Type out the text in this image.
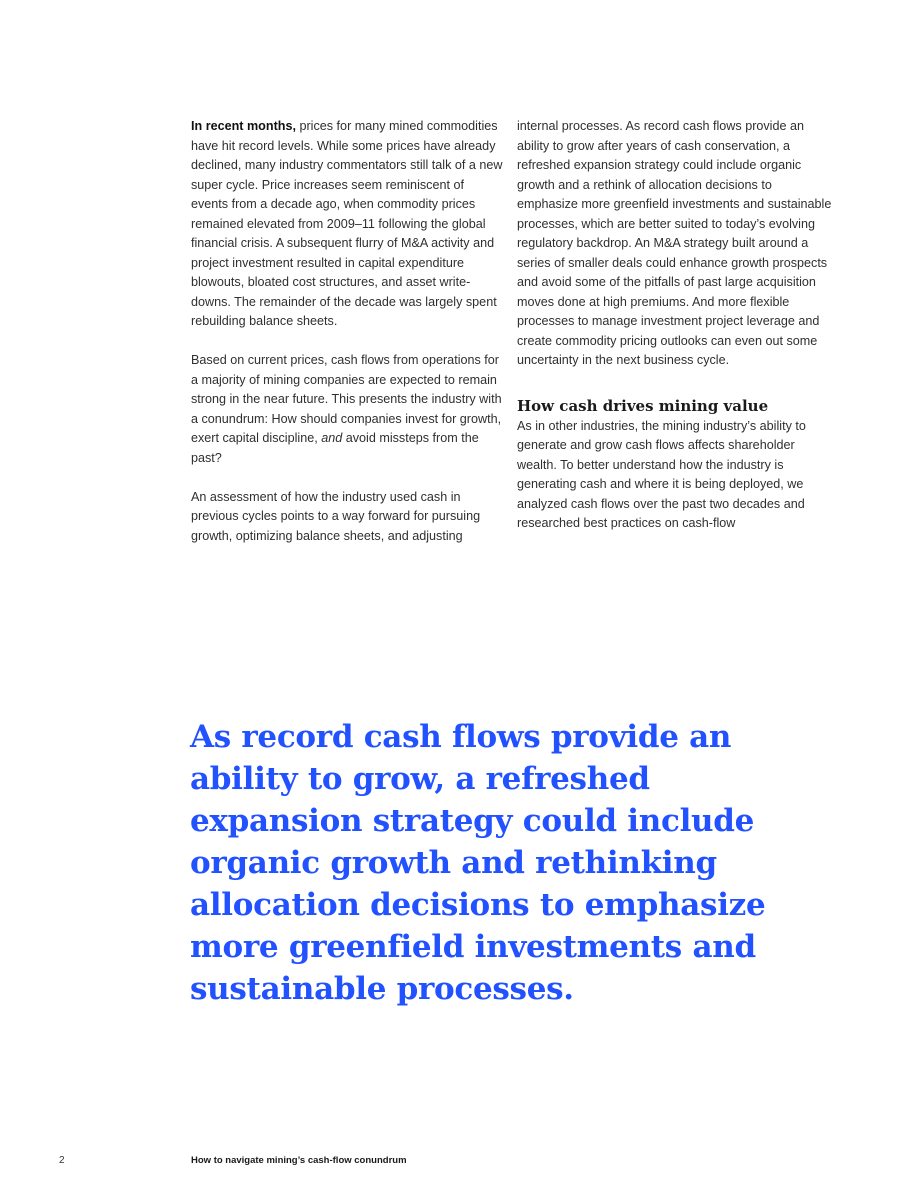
In recent months, prices for many mined commodities have hit record levels. While some prices have already declined, many industry commentators still talk of a new super cycle. Price increases seem reminiscent of events from a decade ago, when commodity prices remained elevated from 2009–11 following the global financial crisis. A subsequent flurry of M&A activity and project investment resulted in capital expenditure blowouts, bloated cost structures, and asset write-downs. The remainder of the decade was largely spent rebuilding balance sheets.

Based on current prices, cash flows from operations for a majority of mining companies are expected to remain strong in the near future. This presents the industry with a conundrum: How should companies invest for growth, exert capital discipline, and avoid missteps from the past?

An assessment of how the industry used cash in previous cycles points to a way forward for pursuing growth, optimizing balance sheets, and adjusting

internal processes. As record cash flows provide an ability to grow after years of cash conservation, a refreshed expansion strategy could include organic growth and a rethink of allocation decisions to emphasize more greenfield investments and sustainable processes, which are better suited to today’s evolving regulatory backdrop. An M&A strategy built around a series of smaller deals could enhance growth prospects and avoid some of the pitfalls of past large acquisition moves done at high premiums. And more flexible processes to manage investment project leverage and create commodity pricing outlooks can even out some uncertainty in the next business cycle.

How cash drives mining value

As in other industries, the mining industry’s ability to generate and grow cash flows affects shareholder wealth. To better understand how the industry is generating cash and where it is being deployed, we analyzed cash flows over the past two decades and researched best practices on cash-flow

As record cash flows provide an ability to grow, a refreshed expansion strategy could include organic growth and rethinking allocation decisions to emphasize more greenfield investments and sustainable processes.

2	How to navigate mining’s cash-flow conundrum
